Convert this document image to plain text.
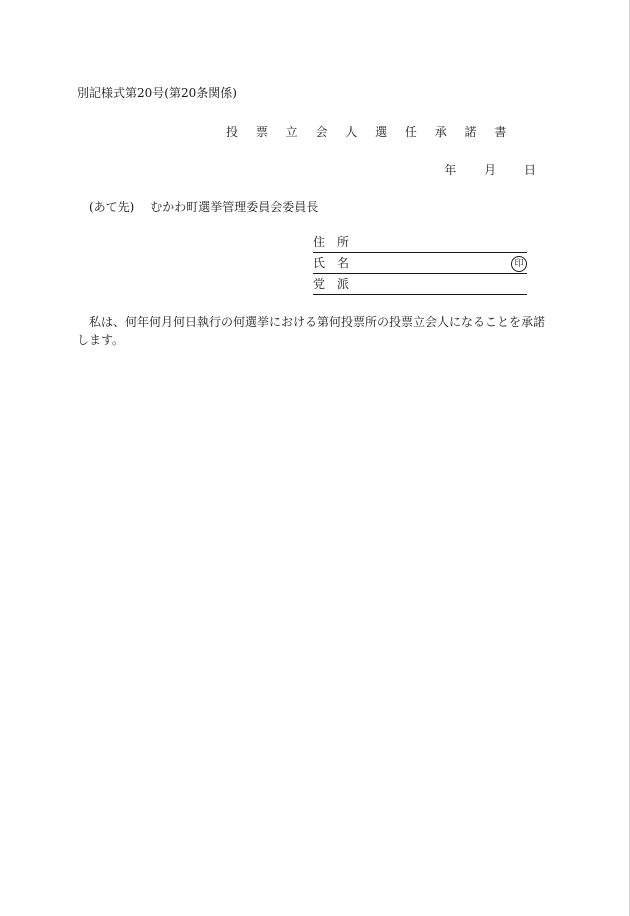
別記様式第20号(第20条関係)
投 票 立 会 人 選 任 承 諾 書
年 月 日
(あて先) むかわ町選挙管理委員会委員長
住所
氏名	印
党派
私は、何年何月何日執行の何選挙における第何投票所の投票立会人になることを承諾します。
